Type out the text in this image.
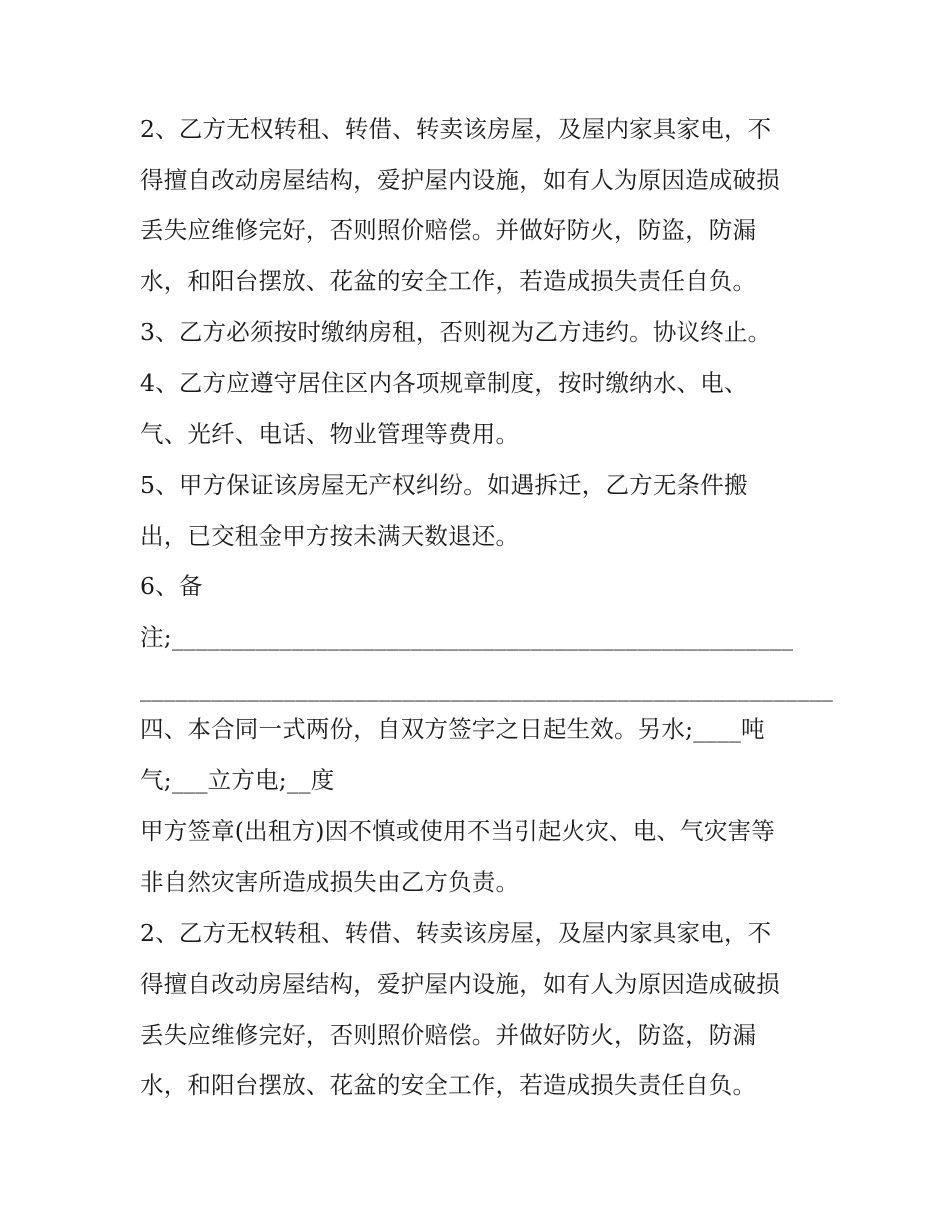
2、乙方无权转租、转借、转卖该房屋，及屋内家具家电，不
得擅自改动房屋结构，爱护屋内设施，如有人为原因造成破损
丢失应维修完好，否则照价赔偿。并做好防火，防盗，防漏
水，和阳台摆放、花盆的安全工作，若造成损失责任自负。
3、乙方必须按时缴纳房租，否则视为乙方违约。协议终止。
4、乙方应遵守居住区内各项规章制度，按时缴纳水、电、
气、光纤、电话、物业管理等费用。
5、甲方保证该房屋无产权纠纷。如遇拆迁，乙方无条件搬
出，已交租金甲方按未满天数退还。
6、备
注;____________________________________________________
__________________________________________________________
四、本合同一式两份，自双方签字之日起生效。另水;____吨
气;___立方电;__度
甲方签章(出租方)因不慎或使用不当引起火灾、电、气灾害等
非自然灾害所造成损失由乙方负责。
2、乙方无权转租、转借、转卖该房屋，及屋内家具家电，不
得擅自改动房屋结构，爱护屋内设施，如有人为原因造成破损
丢失应维修完好，否则照价赔偿。并做好防火，防盗，防漏
水，和阳台摆放、花盆的安全工作，若造成损失责任自负。
